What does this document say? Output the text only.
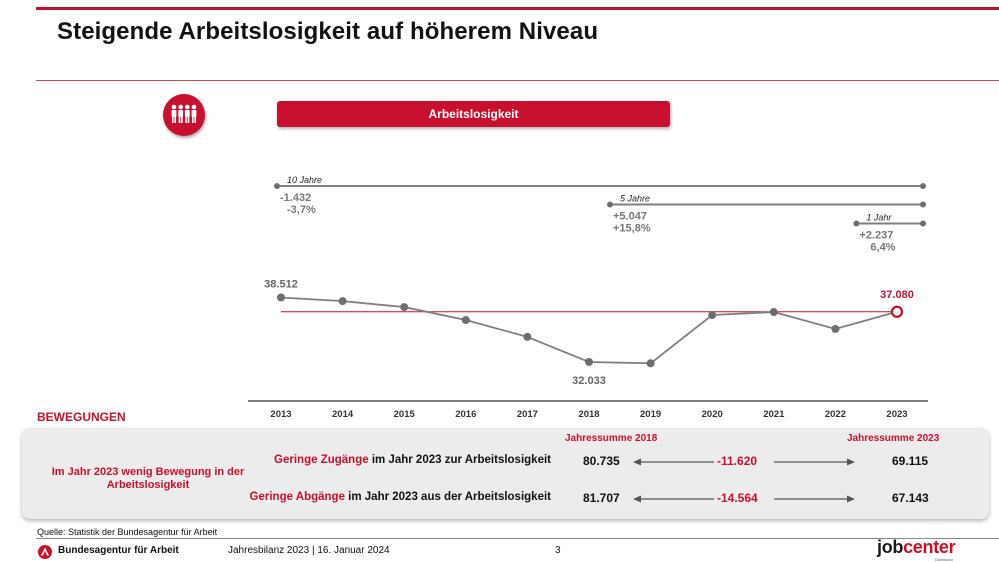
Steigende Arbeitslosigkeit auf höherem Niveau
Arbeitslosigkeit
38.512
32.033
37.080
10 Jahre
-1.432
-3,7%
5 Jahre
+5.047
+15,8%
1 Jahr
+2.237
6,4%
2013	2014	2015	2016	2017	2018	2019	2020	2021	2022	2023
BEWEGUNGEN
Im Jahr 2023 wenig Bewegung in der Arbeitslosigkeit
Jahressumme 2018	Jahressumme 2023
Geringe Zugänge im Jahr 2023 zur Arbeitslosigkeit	80.735	-11.620	69.115
Geringe Abgänge im Jahr 2023 aus der Arbeitslosigkeit	81.707	-14.564	67.143
Quelle: Statistik der Bundesagentur für Arbeit
Bundesagentur für Arbeit	Jahresbilanz 2023 | 16. Januar 2024	3	jobcenter
Dortmund
